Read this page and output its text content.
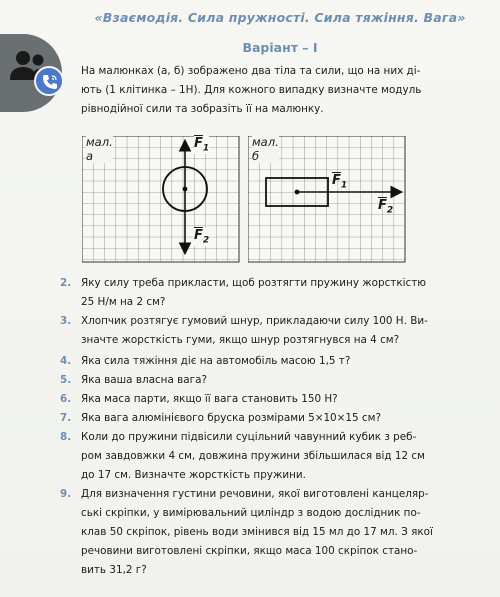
«Взаємодія. Сила пружності. Сила тяжіння. Вага»
Варіант – I
На малюнках (а, б) зображено два тіла та сили, що на них ді-
ють (1 клітинка – 1Н). Для кожного випадку визначте модуль
рівнодійної сили та зобразіть її на малюнку.
мал. а
$\overline{F}_1$
$\overline{F}_2$
мал. б
$\overline{F}_1$
$\overline{F}_2$
2. Яку силу треба прикласти, щоб розтягти пружину жорсткістю
25 Н/м на 2 см?
3. Хлопчик розтягує гумовий шнур, прикладаючи силу 100 Н. Ви-
значте жорсткість гуми, якщо шнур розтягнувся на 4 см?
4. Яка сила тяжіння діє на автомобіль масою 1,5 т?
5. Яка ваша власна вага?
6. Яка маса парти, якщо її вага становить 150 Н?
7. Яка вага алюмінієвого бруска розмірами 5×10×15 см?
8. Коли до пружини підвісили суцільний чавунний кубик з реб-
ром завдовжки 4 см, довжина пружини збільшилася від 12 см
до 17 см. Визначте жорсткість пружини.
9. Для визначення густини речовини, якої виготовлені канцеляр-
ські скріпки, у вимірювальний циліндр з водою дослідник по-
клав 50 скріпок, рівень води змінився від 15 мл до 17 мл. З якої
речовини виготовлені скріпки, якщо маса 100 скріпок стано-
вить 31,2 г?
